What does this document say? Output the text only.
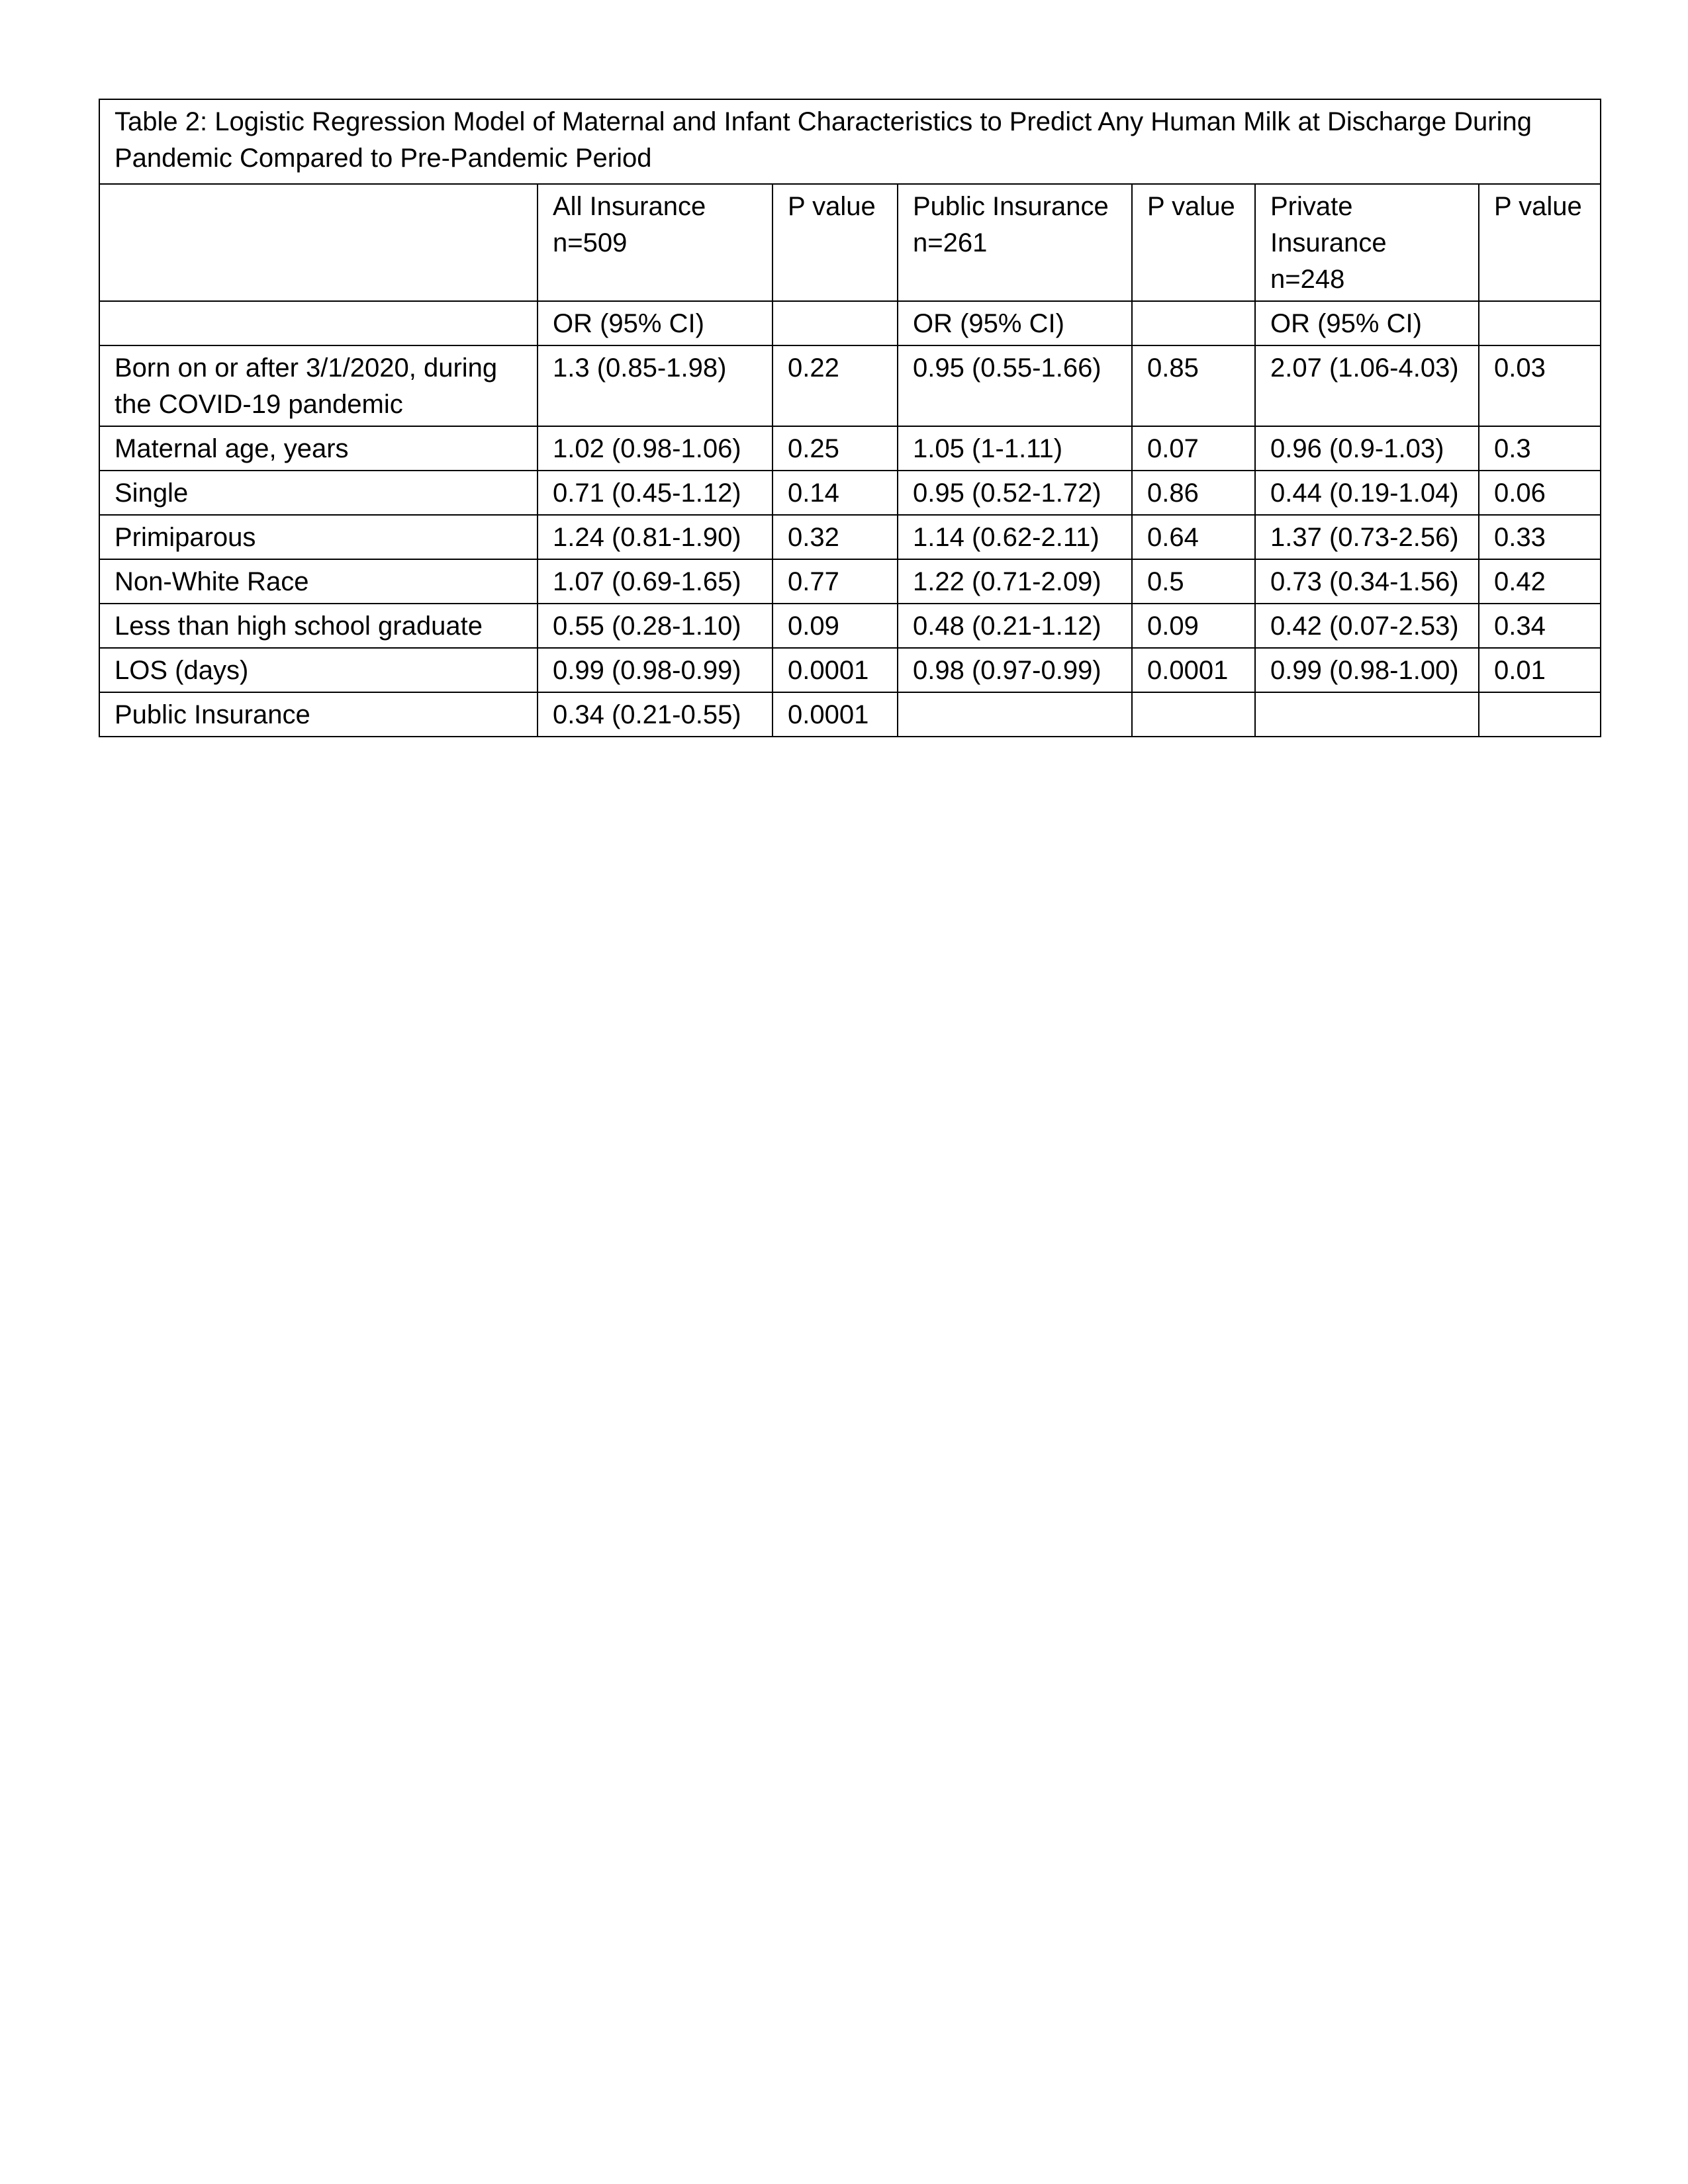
Table 2: Logistic Regression Model of Maternal and Infant Characteristics to Predict Any Human Milk at Discharge During Pandemic Compared to Pre-Pandemic Period						
	All Insurance n=509	P value	Public Insurance n=261	P value	Private Insurance n=248	P value
	OR (95% CI)		OR (95% CI)		OR (95% CI)	
Born on or after 3/1/2020, during the COVID-19 pandemic	1.3 (0.85-1.98)	0.22	0.95 (0.55-1.66)	0.85	2.07 (1.06-4.03)	0.03
Maternal age, years	1.02 (0.98-1.06)	0.25	1.05 (1-1.11)	0.07	0.96 (0.9-1.03)	0.3
Single	0.71 (0.45-1.12)	0.14	0.95 (0.52-1.72)	0.86	0.44 (0.19-1.04)	0.06
Primiparous	1.24 (0.81-1.90)	0.32	1.14 (0.62-2.11)	0.64	1.37 (0.73-2.56)	0.33
Non-White Race	1.07 (0.69-1.65)	0.77	1.22 (0.71-2.09)	0.5	0.73 (0.34-1.56)	0.42
Less than high school graduate	0.55 (0.28-1.10)	0.09	0.48 (0.21-1.12)	0.09	0.42 (0.07-2.53)	0.34
LOS (days)	0.99 (0.98-0.99)	0.0001	0.98 (0.97-0.99)	0.0001	0.99 (0.98-1.00)	0.01
Public Insurance	0.34 (0.21-0.55)	0.0001				
